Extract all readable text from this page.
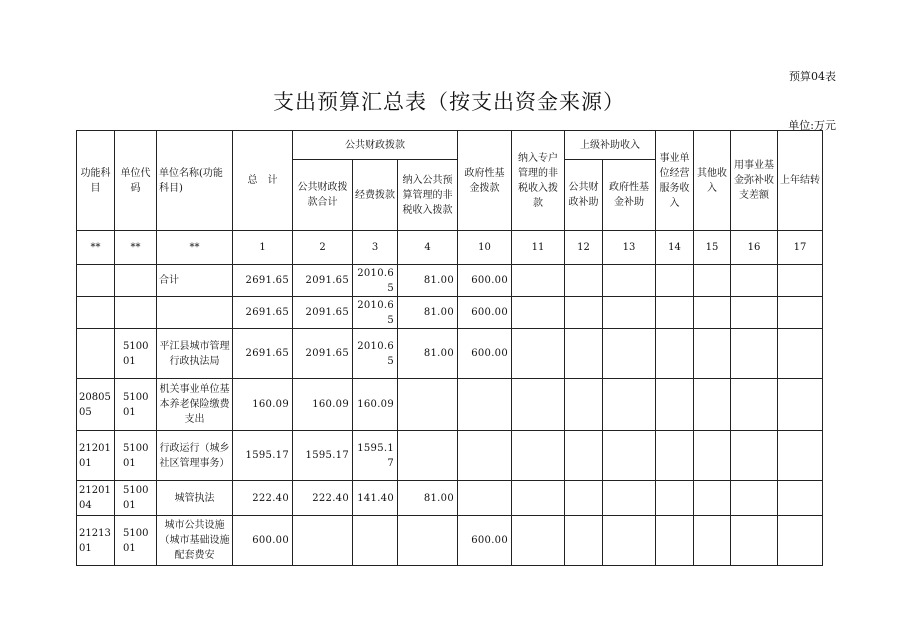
预算04表
支出预算汇总表（按支出资金来源）
单位:万元
功能科目	单位代码	单位名称(功能科目)	总　计	公共财政拨款			政府性基金拨款	纳入专户管理的非税收入拨款	上级补助收入		事业单位经营服务收入	其他收入	用事业基金弥补收支差额	上年结转
				公共财政拨款合计	经费拨款	纳入公共预算管理的非税收入拨款			公共财政补助	政府性基金补助				
**	**	**	1	2	3	4	10	11	12	13	14	15	16	17
		合计	2691.65	2091.65	2010.65	81.00	600.00							
			2691.65	2091.65	2010.65	81.00	600.00							
	510001	平江县城市管理行政执法局	2691.65	2091.65	2010.65	81.00	600.00							
2080505	510001	机关事业单位基本养老保险缴费支出	160.09	160.09	160.09									
2120101	510001	行政运行（城乡社区管理事务）	1595.17	1595.17	1595.17									
2120104	510001	城管执法	222.40	222.40	141.40	81.00								
2121301	510001	城市公共设施（城市基础设施配套费安	600.00				600.00							
